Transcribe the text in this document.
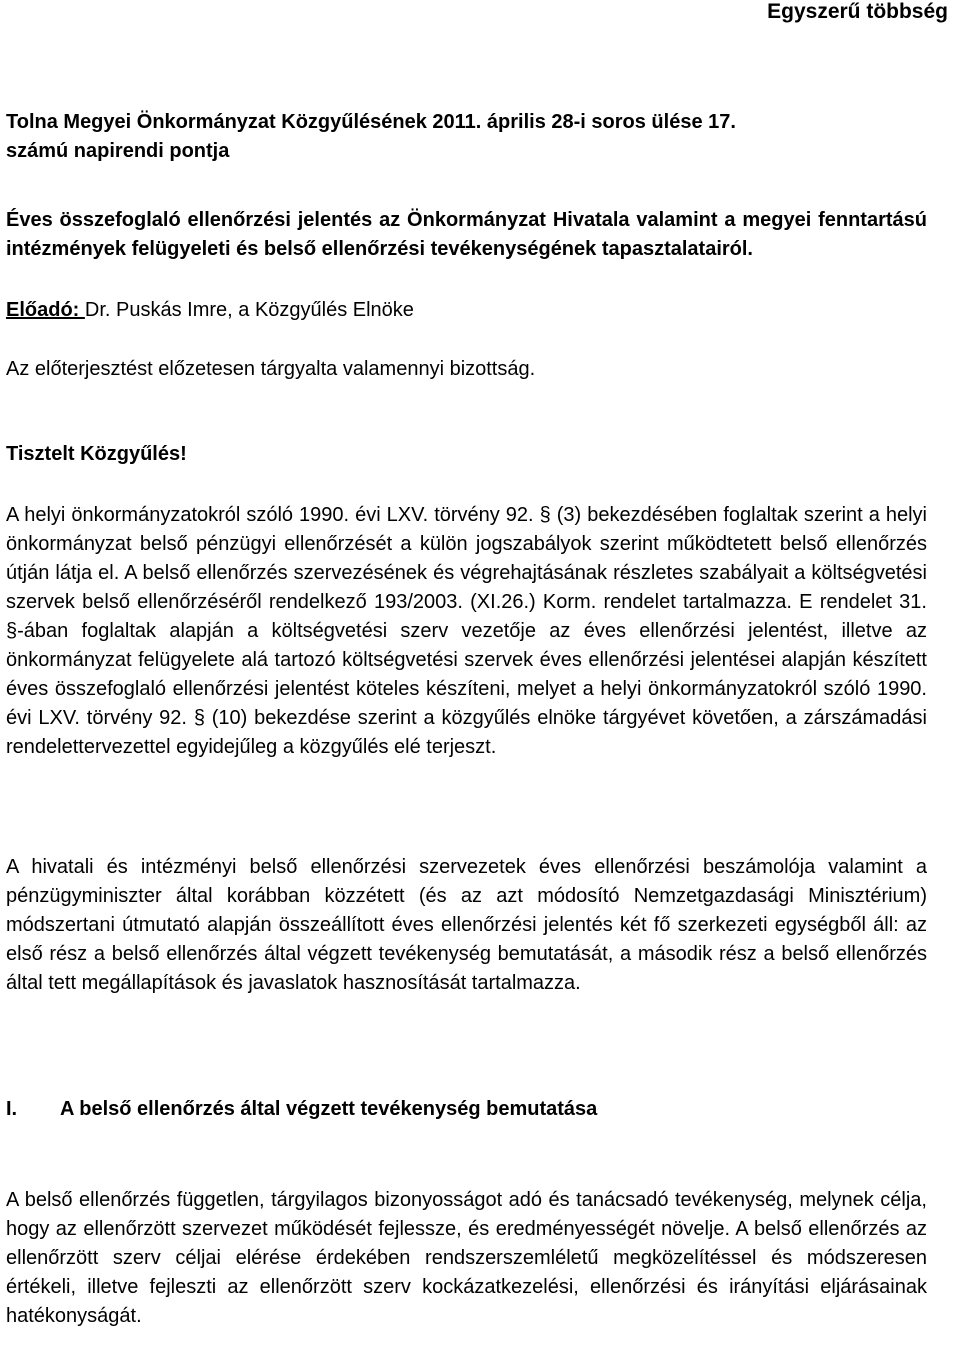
Egyszerű többség

Tolna Megyei Önkormányzat Közgyűlésének 2011. április 28-i soros ülése 17.

számú napirendi pontja

Éves összefoglaló ellenőrzési jelentés az Önkormányzat Hivatala valamint a megyei fenntartású intézmények felügyeleti és belső ellenőrzési tevékenységének tapasztalatairól.

Előadó: Dr. Puskás Imre, a Közgyűlés Elnöke
Az előterjesztést előzetesen tárgyalta valamennyi bizottság.
Tisztelt Közgyűlés!

A helyi önkormányzatokról szóló 1990. évi LXV. törvény 92. § (3) bekezdésében foglaltak szerint a helyi önkormányzat belső pénzügyi ellenőrzését a külön jogszabályok szerint működtetett belső ellenőrzés útján látja el. A belső ellenőrzés szervezésének és végrehajtásának részletes szabályait a költségvetési szervek belső ellenőrzéséről rendelkező 193/2003. (XI.26.) Korm. rendelet tartalmazza. E rendelet 31. §-ában foglaltak alapján a költségvetési szerv vezetője az éves ellenőrzési jelentést, illetve az önkormányzat felügyelete alá tartozó költségvetési szervek éves ellenőrzési jelentései alapján készített éves összefoglaló ellenőrzési jelentést köteles készíteni, melyet a helyi önkormányzatokról szóló 1990. évi LXV. törvény 92. § (10) bekezdése szerint a közgyűlés elnöke tárgyévet követően, a zárszámadási rendelettervezettel egyidejűleg a közgyűlés elé terjeszt.

A hivatali és intézményi belső ellenőrzési szervezetek éves ellenőrzési beszámolója valamint a pénzügyminiszter által korábban közzétett (és az azt módosító Nemzetgazdasági Minisztérium) módszertani útmutató alapján összeállított éves ellenőrzési jelentés két fő szerkezeti egységből áll: az első rész a belső ellenőrzés által végzett tevékenység bemutatását, a második rész a belső ellenőrzés által tett megállapítások és javaslatok hasznosítását tartalmazza.

I. A belső ellenőrzés által végzett tevékenység bemutatása

A belső ellenőrzés független, tárgyilagos bizonyosságot adó és tanácsadó tevékenység, melynek célja, hogy az ellenőrzött szervezet működését fejlessze, és eredményességét növelje. A belső ellenőrzés az ellenőrzött szerv céljai elérése érdekében rendszerszemléletű megközelítéssel és módszeresen értékeli, illetve fejleszti az ellenőrzött szerv kockázatkezelési, ellenőrzési és irányítási eljárásainak hatékonyságát.
